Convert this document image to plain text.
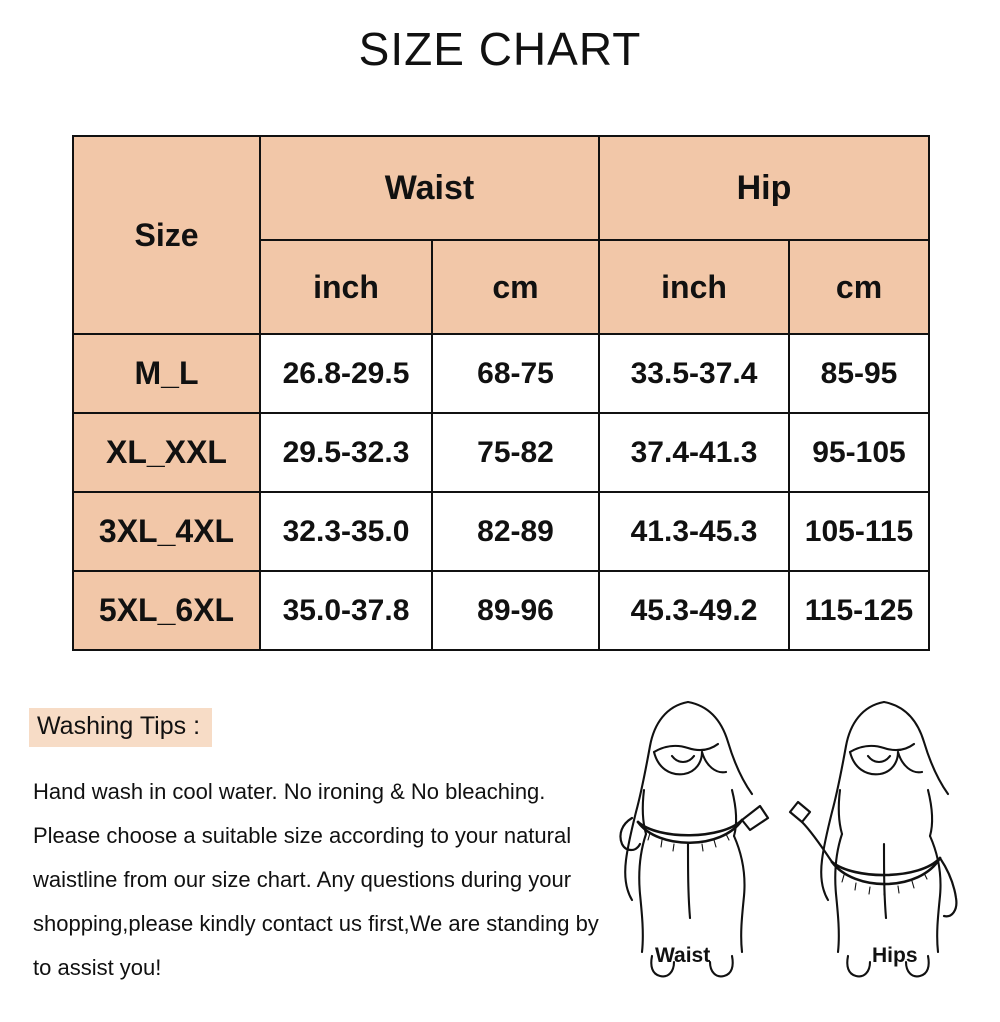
SIZE CHART
Size	Waist		Hip	
	inch	cm	inch	cm
M_L	26.8-29.5	68-75	33.5-37.4	85-95
XL_XXL	29.5-32.3	75-82	37.4-41.3	95-105
3XL_4XL	32.3-35.0	82-89	41.3-45.3	105-115
5XL_6XL	35.0-37.8	89-96	45.3-49.2	115-125
Washing Tips :
Hand wash in cool water. No ironing & No bleaching. Please choose a suitable size according to your natural waistline from our size chart. Any questions during your shopping,please kindly contact us first,We are standing by to assist you!	Waist	Hips
